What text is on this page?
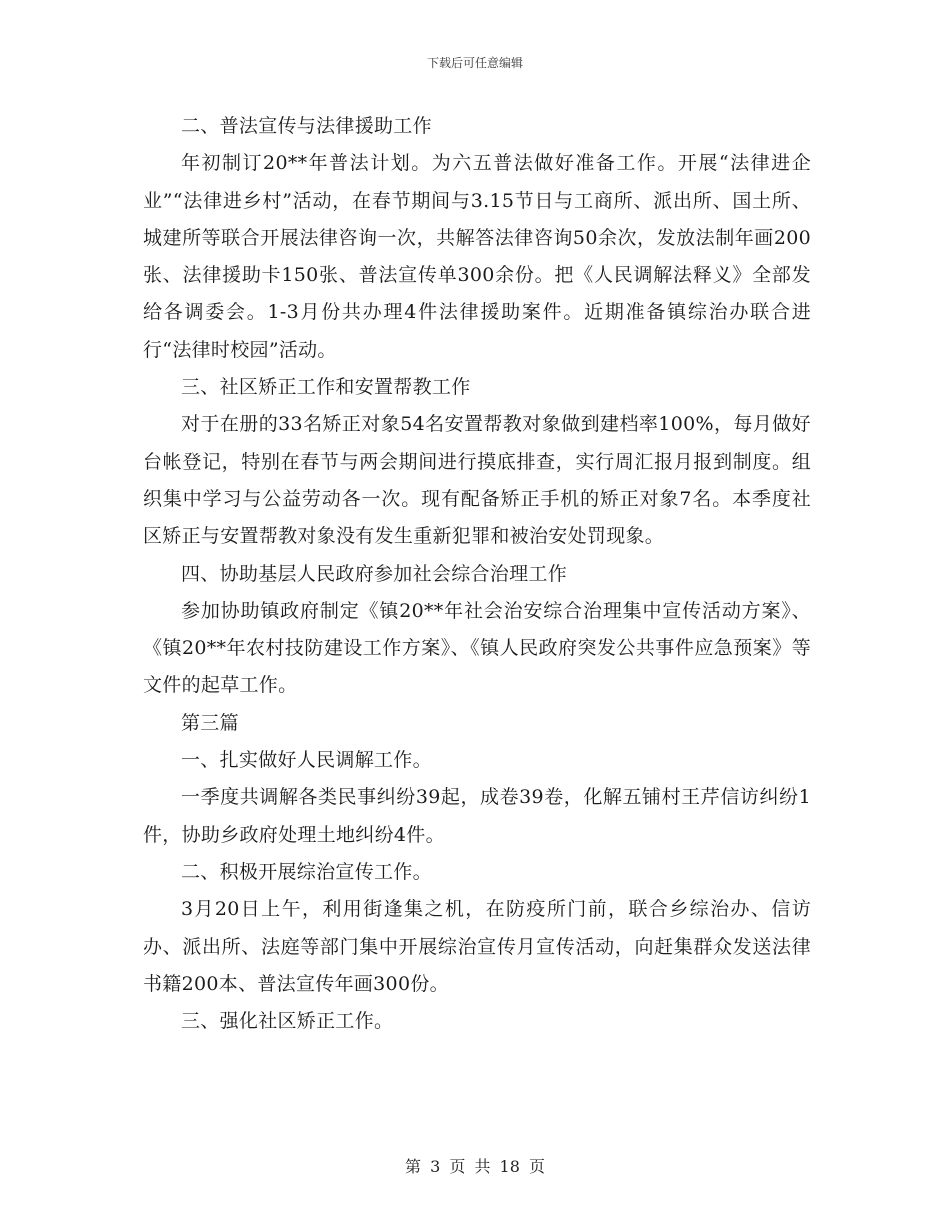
下载后可任意编辑

二、普法宣传与法律援助工作

年初制订20**年普法计划。为六五普法做好准备工作。开展“法律进企业”“法律进乡村”活动，在春节期间与3.15节日与工商所、派出所、国土所、城建所等联合开展法律咨询一次，共解答法律咨询50余次，发放法制年画200张、法律援助卡150张、普法宣传单300余份。把《人民调解法释义》全部发给各调委会。1-3月份共办理4件法律援助案件。近期准备镇综治办联合进行“法律时校园”活动。

三、社区矫正工作和安置帮教工作

对于在册的33名矫正对象54名安置帮教对象做到建档率100%，每月做好台帐登记，特别在春节与两会期间进行摸底排查，实行周汇报月报到制度。组织集中学习与公益劳动各一次。现有配备矫正手机的矫正对象7名。本季度社区矫正与安置帮教对象没有发生重新犯罪和被治安处罚现象。

四、协助基层人民政府参加社会综合治理工作

参加协助镇政府制定《镇20**年社会治安综合治理集中宣传活动方案》、《镇20**年农村技防建设工作方案》、《镇人民政府突发公共事件应急预案》等文件的起草工作。

第三篇

一、扎实做好人民调解工作。

一季度共调解各类民事纠纷39起，成卷39卷，化解五铺村王芹信访纠纷1件，协助乡政府处理土地纠纷4件。

二、积极开展综治宣传工作。

3月20日上午，利用街逢集之机，在防疫所门前，联合乡综治办、信访办、派出所、法庭等部门集中开展综治宣传月宣传活动，向赶集群众发送法律书籍200本、普法宣传年画300份。

三、强化社区矫正工作。

第 3 页 共 18 页
